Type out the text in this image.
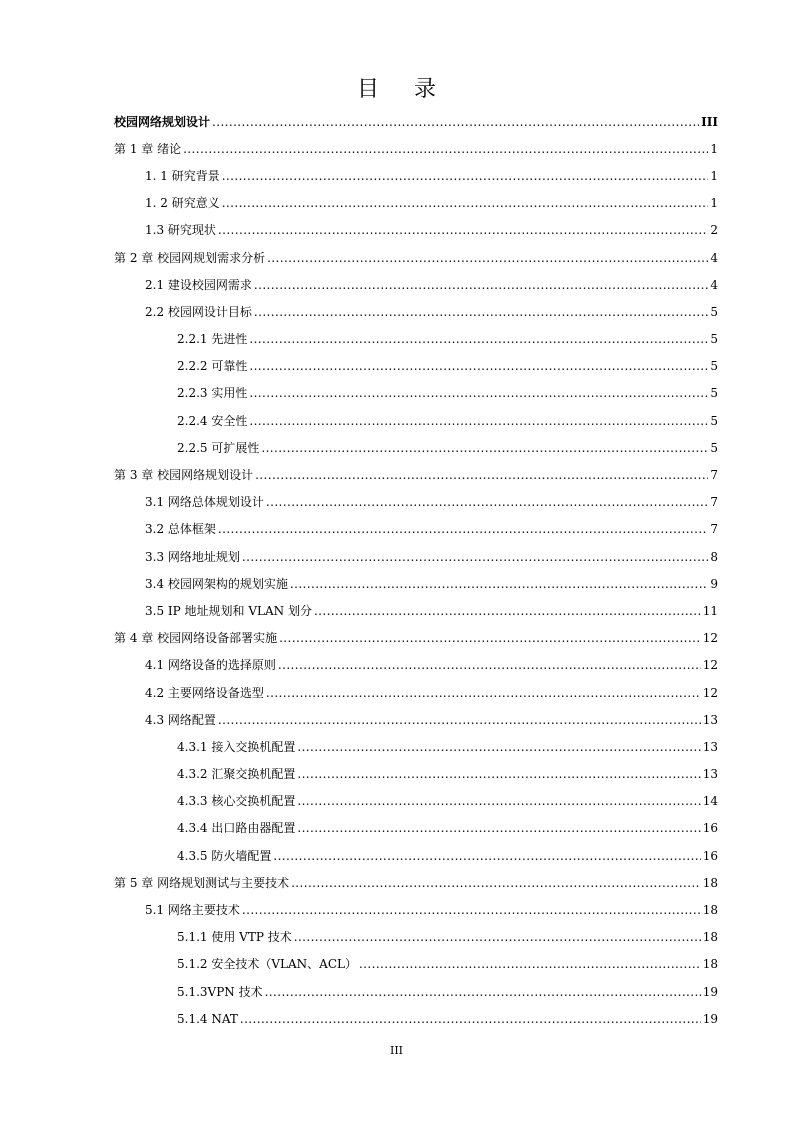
目 录
校园网络规划设计 .....	III
第 1 章 绪论 .....	1
1. 1 研究背景 .....	1
1. 2 研究意义 .....	1
1.3 研究现状 .....	2
第 2 章 校园网规划需求分析 .....	4
2.1 建设校园网需求 .....	4
2.2 校园网设计目标 .....	5
2.2.1 先进性 .....	5
2.2.2 可靠性 .....	5
2.2.3 实用性 .....	5
2.2.4 安全性 .....	5
2.2.5 可扩展性 .....	5
第 3 章 校园网络规划设计 .....	7
3.1 网络总体规划设计 .....	7
3.2 总体框架 .....	7
3.3 网络地址规划 .....	8
3.4 校园网架构的规划实施 .....	9
3.5 IP 地址规划和 VLAN 划分 .....	11
第 4 章 校园网络设备部署实施 .....	12
4.1 网络设备的选择原则 .....	12
4.2 主要网络设备选型 .....	12
4.3 网络配置 .....	13
4.3.1 接入交换机配置 .....	13
4.3.2 汇聚交换机配置 .....	13
4.3.3 核心交换机配置 .....	14
4.3.4 出口路由器配置 .....	16
4.3.5 防火墙配置 .....	16
第 5 章 网络规划测试与主要技术 .....	18
5.1 网络主要技术 .....	18
5.1.1 使用 VTP 技术 .....	18
5.1.2 安全技术（VLAN、ACL） .....	18
5.1.3VPN 技术 .....	19
5.1.4 NAT .....	19
III
